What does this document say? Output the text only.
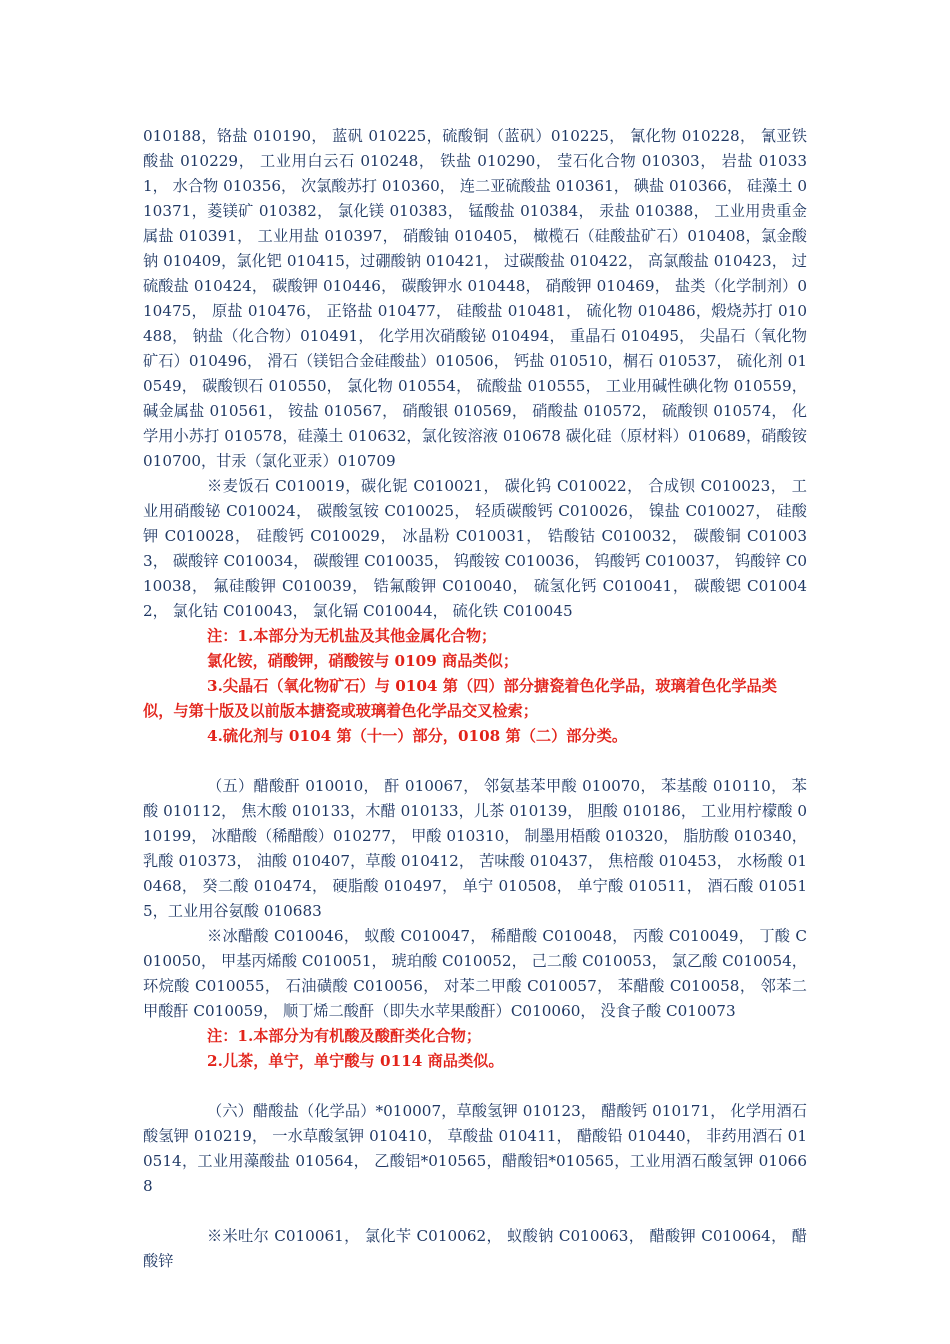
010188，铬盐 010190， 蓝矾 010225，硫酸铜（蓝矾）010225， 氰化物 010228， 氰亚铁酸盐 010229， 工业用白云石 010248， 铁盐 010290， 莹石化合物 010303， 岩盐 010331， 水合物 010356， 次氯酸苏打 010360， 连二亚硫酸盐 010361， 碘盐 010366， 硅藻土 010371，菱镁矿 010382， 氯化镁 010383， 锰酸盐 010384， 汞盐 010388， 工业用贵重金属盐 010391， 工业用盐 010397， 硝酸铀 010405， 橄榄石（硅酸盐矿石）010408，氯金酸钠 010409，氯化钯 010415，过硼酸钠 010421， 过碳酸盐 010422， 高氯酸盐 010423， 过硫酸盐 010424， 碳酸钾 010446， 碳酸钾水 010448， 硝酸钾 010469， 盐类（化学制剂）010475， 原盐 010476， 正铬盐 010477， 硅酸盐 010481， 硫化物 010486，煅烧苏打 010488， 钠盐（化合物）010491， 化学用次硝酸铋 010494， 重晶石 010495， 尖晶石（氧化物矿石）010496， 滑石（镁铝合金硅酸盐）010506， 钙盐 010510，榍石 010537， 硫化剂 010549， 碳酸钡石 010550， 氯化物 010554， 硫酸盐 010555， 工业用碱性碘化物 010559，碱金属盐 010561， 铵盐 010567， 硝酸银 010569， 硝酸盐 010572， 硫酸钡 010574， 化学用小苏打 010578，硅藻土 010632，氯化铵溶液 010678 碳化硅（原材料）010689，硝酸铵 010700，甘汞（氯化亚汞）010709

※麦饭石 C010019，碳化铌 C010021， 碳化钨 C010022， 合成钡 C010023， 工业用硝酸铋 C010024， 碳酸氢铵 C010025， 轻质碳酸钙 C010026， 镍盐 C010027， 硅酸钾 C010028， 硅酸钙 C010029， 冰晶粉 C010031， 锆酸钴 C010032， 碳酸铜 C010033， 碳酸锌 C010034， 碳酸锂 C010035， 钨酸铵 C010036， 钨酸钙 C010037， 钨酸锌 C010038， 氟硅酸钾 C010039， 锆氟酸钾 C010040， 硫氢化钙 C010041， 碳酸锶 C010042， 氯化钴 C010043， 氯化镉 C010044， 硫化铁 C010045

注：1.本部分为无机盐及其他金属化合物；

氯化铵，硝酸钾，硝酸铵与 0109 商品类似；

3.尖晶石（氧化物矿石）与 0104 第（四）部分搪瓷着色化学品，玻璃着色化学品类似，与第十版及以前版本搪瓷或玻璃着色化学品交叉检索；

4.硫化剂与 0104 第（十一）部分，0108 第（二）部分类。

（五）醋酸酐 010010， 酐 010067， 邻氨基苯甲酸 010070， 苯基酸 010110， 苯酸 010112， 焦木酸 010133，木醋 010133，儿茶 010139， 胆酸 010186， 工业用柠檬酸 010199， 冰醋酸（稀醋酸）010277， 甲酸 010310， 制墨用梧酸 010320， 脂肪酸 010340， 乳酸 010373， 油酸 010407，草酸 010412， 苦味酸 010437， 焦棓酸 010453， 水杨酸 010468， 癸二酸 010474， 硬脂酸 010497， 单宁 010508， 单宁酸 010511， 酒石酸 010515，工业用谷氨酸 010683

※冰醋酸 C010046， 蚁酸 C010047， 稀醋酸 C010048， 丙酸 C010049， 丁酸 C010050， 甲基丙烯酸 C010051， 琥珀酸 C010052， 己二酸 C010053， 氯乙酸 C010054， 环烷酸 C010055， 石油磺酸 C010056， 对苯二甲酸 C010057， 苯醋酸 C010058， 邻苯二甲酸酐 C010059， 顺丁烯二酸酐（即失水苹果酸酐）C010060， 没食子酸 C010073

注：1.本部分为有机酸及酸酐类化合物；

2.儿茶，单宁，单宁酸与 0114 商品类似。

（六）醋酸盐（化学品）*010007，草酸氢钾 010123， 醋酸钙 010171， 化学用酒石酸氢钾 010219， 一水草酸氢钾 010410， 草酸盐 010411， 醋酸铅 010440， 非药用酒石 010514，工业用藻酸盐 010564， 乙酸铝*010565，醋酸铝*010565，工业用酒石酸氢钾 010668

※米吐尔 C010061， 氯化苄 C010062， 蚁酸钠 C010063， 醋酸钾 C010064， 醋酸锌
